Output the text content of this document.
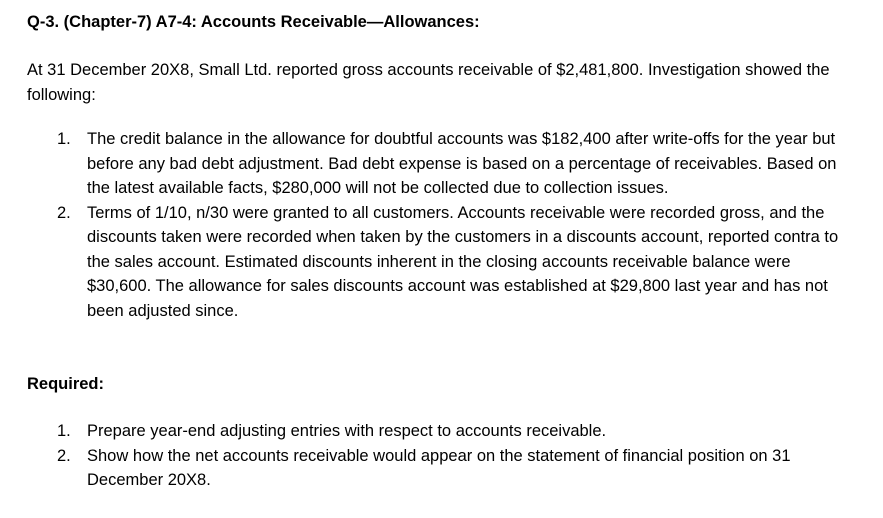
Q-3. (Chapter-7) A7-4: Accounts Receivable—Allowances:

At 31 December 20X8, Small Ltd. reported gross accounts receivable of $2,481,800. Investigation showed the following:

1. The credit balance in the allowance for doubtful accounts was $182,400 after write-offs for the year but before any bad debt adjustment. Bad debt expense is based on a percentage of receivables. Based on the latest available facts, $280,000 will not be collected due to collection issues.
2. Terms of 1/10, n/30 were granted to all customers. Accounts receivable were recorded gross, and the discounts taken were recorded when taken by the customers in a discounts account, reported contra to the sales account. Estimated discounts inherent in the closing accounts receivable balance were $30,600. The allowance for sales discounts account was established at $29,800 last year and has not been adjusted since.
Required:
1. Prepare year-end adjusting entries with respect to accounts receivable.
2. Show how the net accounts receivable would appear on the statement of financial position on 31 December 20X8.
